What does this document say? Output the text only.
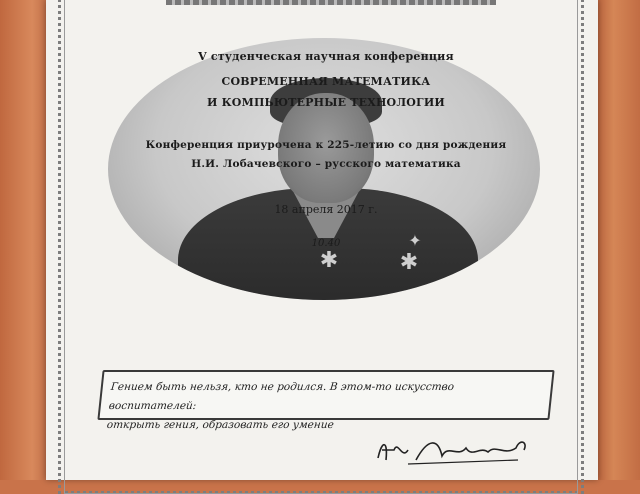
✱	✱
✦
V студенческая научная конференция
СОВРЕМЕННАЯ МАТЕМАТИКА
И КОМПЬЮТЕРНЫЕ ТЕХНОЛОГИИ
Конференция приурочена к 225-летию со дня рождения
Н.И. Лобачевского – русского математика
18 апреля 2017 г.
10.40
Гением быть нельзя, кто не родился. В этом-то искусство воспитателей:
открыть гения, образовать его умение
